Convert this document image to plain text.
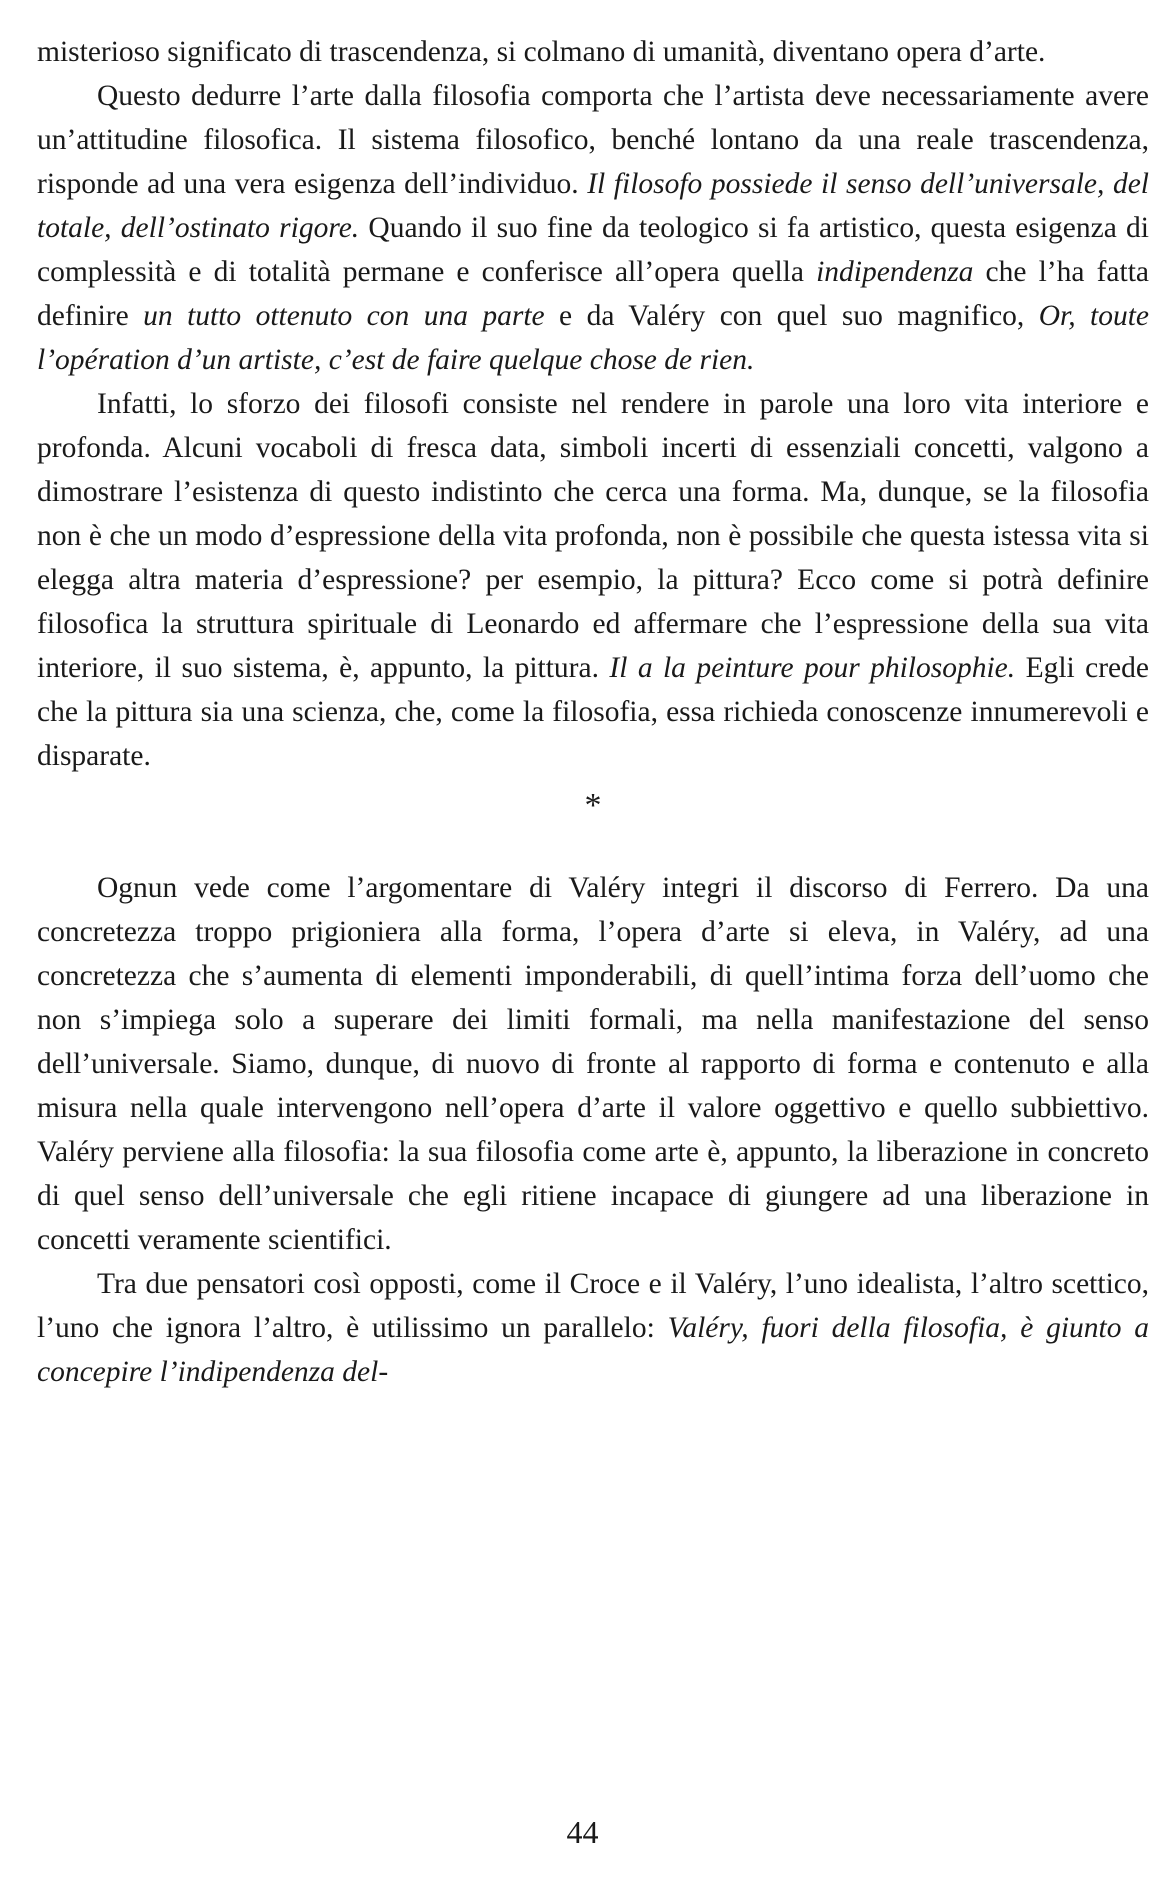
misterioso significato di trascendenza, si colmano di umanità, diventano opera d’arte.

Questo dedurre l’arte dalla filosofia comporta che l’artista deve necessariamente avere un’attitudine filosofica. Il sistema filosofico, benché lontano da una reale trascendenza, risponde ad una vera esigenza dell’individuo. Il filosofo possiede il senso dell’universale, del totale, dell’ostinato rigore. Quando il suo fine da teologico si fa artistico, questa esigenza di complessità e di totalità permane e conferisce all’opera quella indipendenza che l’ha fatta definire un tutto ottenuto con una parte e da Valéry con quel suo magnifico, Or, toute l’opération d’un artiste, c’est de faire quelque chose de rien.

Infatti, lo sforzo dei filosofi consiste nel rendere in parole una loro vita interiore e profonda. Alcuni vocaboli di fresca data, simboli incerti di essenziali concetti, valgono a dimostrare l’esistenza di questo indistinto che cerca una forma. Ma, dunque, se la filosofia non è che un modo d’espressione della vita profonda, non è possibile che questa istessa vita si elegga altra materia d’espressione? per esempio, la pittura? Ecco come si potrà definire filosofica la struttura spirituale di Leonardo ed affermare che l’espressione della sua vita interiore, il suo sistema, è, appunto, la pittura. Il a la peinture pour philosophie. Egli crede che la pittura sia una scienza, che, come la filosofia, essa richieda conoscenze innumerevoli e disparate.

*

Ognun vede come l’argomentare di Valéry integri il discorso di Ferrero. Da una concretezza troppo prigioniera alla forma, l’opera d’arte si eleva, in Valéry, ad una concretezza che s’aumenta di elementi imponderabili, di quell’intima forza dell’uomo che non s’impiega solo a superare dei limiti formali, ma nella manifestazione del senso dell’universale. Siamo, dunque, di nuovo di fronte al rapporto di forma e contenuto e alla misura nella quale intervengono nell’opera d’arte il valore oggettivo e quello subbiettivo. Valéry perviene alla filosofia: la sua filosofia come arte è, appunto, la liberazione in concreto di quel senso dell’universale che egli ritiene incapace di giungere ad una liberazione in concetti veramente scientifici.

Tra due pensatori così opposti, come il Croce e il Valéry, l’uno idealista, l’altro scettico, l’uno che ignora l’altro, è utilissimo un parallelo: Valéry, fuori della filosofia, è giunto a concepire l’indipendenza del-

44
